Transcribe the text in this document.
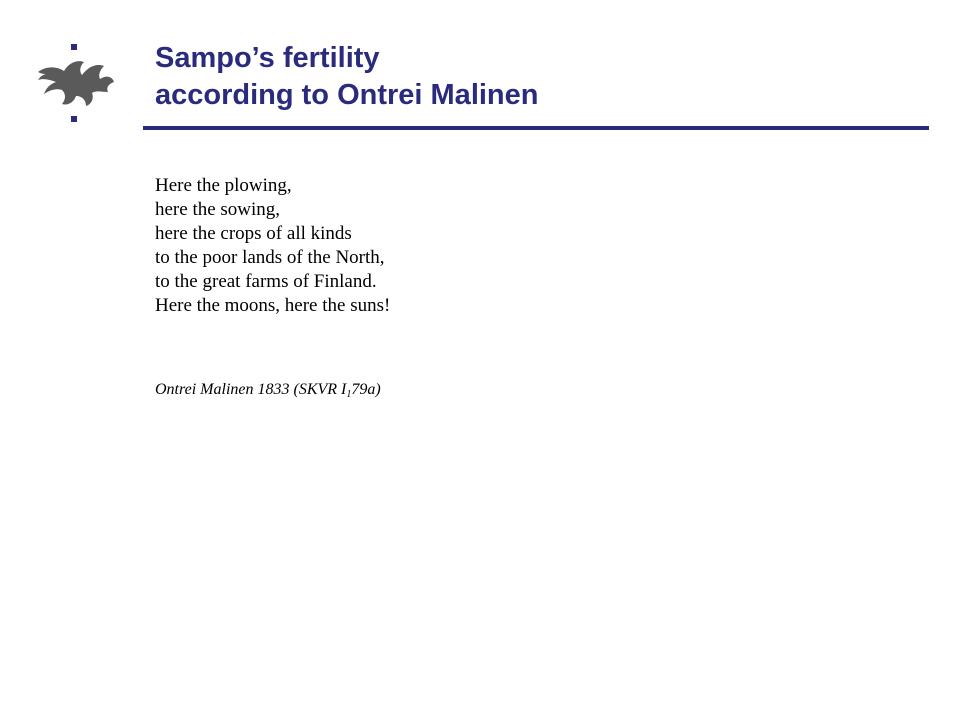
Sampo’s fertility
according to Ontrei Malinen
Here the plowing,
here the sowing,
here the crops of all kinds
to the poor lands of the North,
to the great farms of Finland.
Here the moons, here the suns!
Ontrei Malinen 1833 (SKVR $I_179a$)
